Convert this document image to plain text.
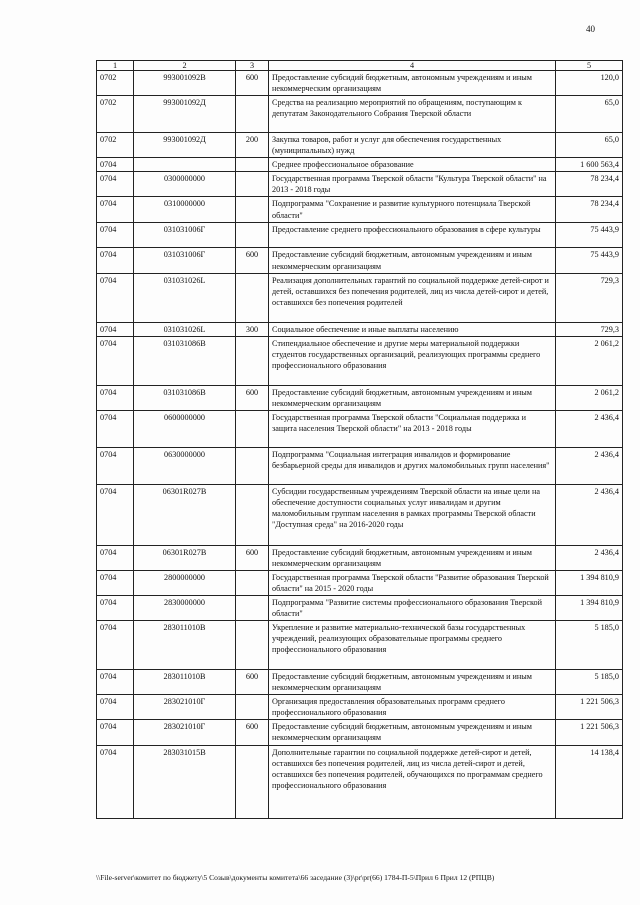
40
1	2	3	4	5
0702	993001092В	600	Предоставление субсидий бюджетным, автономным учреждениям и иным некоммерческим организациям	120,0
0702	993001092Д		Средства на реализацию мероприятий по обращениям, поступающим к депутатам Законодательного Собрания Тверской области	65,0
0702	993001092Д	200	Закупка товаров, работ и услуг для обеспечения государственных (муниципальных) нужд	65,0
0704			Среднее профессиональное образование	1 600 563,4
0704	0300000000		Государственная программа Тверской области "Культура Тверской области" на 2013 - 2018 годы	78 234,4
0704	0310000000		Подпрограмма "Сохранение и развитие культурного потенциала Тверской области"	78 234,4
0704	031031006Г		Предоставление среднего профессионального образования в сфере культуры	75 443,9
0704	031031006Г	600	Предоставление субсидий бюджетным, автономным учреждениям и иным некоммерческим организациям	75 443,9
0704	031031026L		Реализация дополнительных гарантий по социальной поддержке детей-сирот и детей, оставшихся без попечения родителей, лиц из числа детей-сирот и детей, оставшихся без попечения родителей	729,3
0704	031031026L	300	Социальное обеспечение и иные выплаты населению	729,3
0704	031031086В		Стипендиальное обеспечение и другие меры материальной поддержки студентов государственных организаций, реализующих программы среднего профессионального образования	2 061,2
0704	031031086В	600	Предоставление субсидий бюджетным, автономным учреждениям и иным некоммерческим организациям	2 061,2
0704	0600000000		Государственная программа Тверской области "Социальная поддержка и защита населения Тверской области" на 2013 - 2018 годы	2 436,4
0704	0630000000		Подпрограмма "Социальная интеграция инвалидов и формирование безбарьерной среды для инвалидов и других маломобильных групп населения"	2 436,4
0704	06301R027В		Субсидии государственным учреждениям Тверской области на иные цели на обеспечение доступности социальных услуг инвалидам и другим маломобильным группам населения в рамках программы Тверской области "Доступная среда" на 2016-2020 годы	2 436,4
0704	06301R027В	600	Предоставление субсидий бюджетным, автономным учреждениям и иным некоммерческим организациям	2 436,4
0704	2800000000		Государственная программа Тверской области "Развитие образования Тверской области" на 2015 - 2020 годы	1 394 810,9
0704	2830000000		Подпрограмма "Развитие системы профессионального образования Тверской области"	1 394 810,9
0704	283011010В		Укрепление и развитие материально-технической базы государственных учреждений, реализующих образовательные программы среднего профессионального образования	5 185,0
0704	283011010В	600	Предоставление субсидий бюджетным, автономным учреждениям и иным некоммерческим организациям	5 185,0
0704	283021010Г		Организация предоставления образовательных программ среднего профессионального образования	1 221 506,3
0704	283021010Г	600	Предоставление субсидий бюджетным, автономным учреждениям и иным некоммерческим организациям	1 221 506,3
0704	283031015В		Дополнительные гарантии по социальной поддержке детей-сирот и детей, оставшихся без попечения родителей, лиц из числа детей-сирот и детей, оставшихся без попечения родителей, обучающихся по программам среднего профессионального образования	14 138,4
\\File-server\комитет по бюджету\5 Созыв\документы комитета\66 заседание (3)\pr\pr(66) 1784-П-5\Прил 6 Прил 12 (РПЦВ)
